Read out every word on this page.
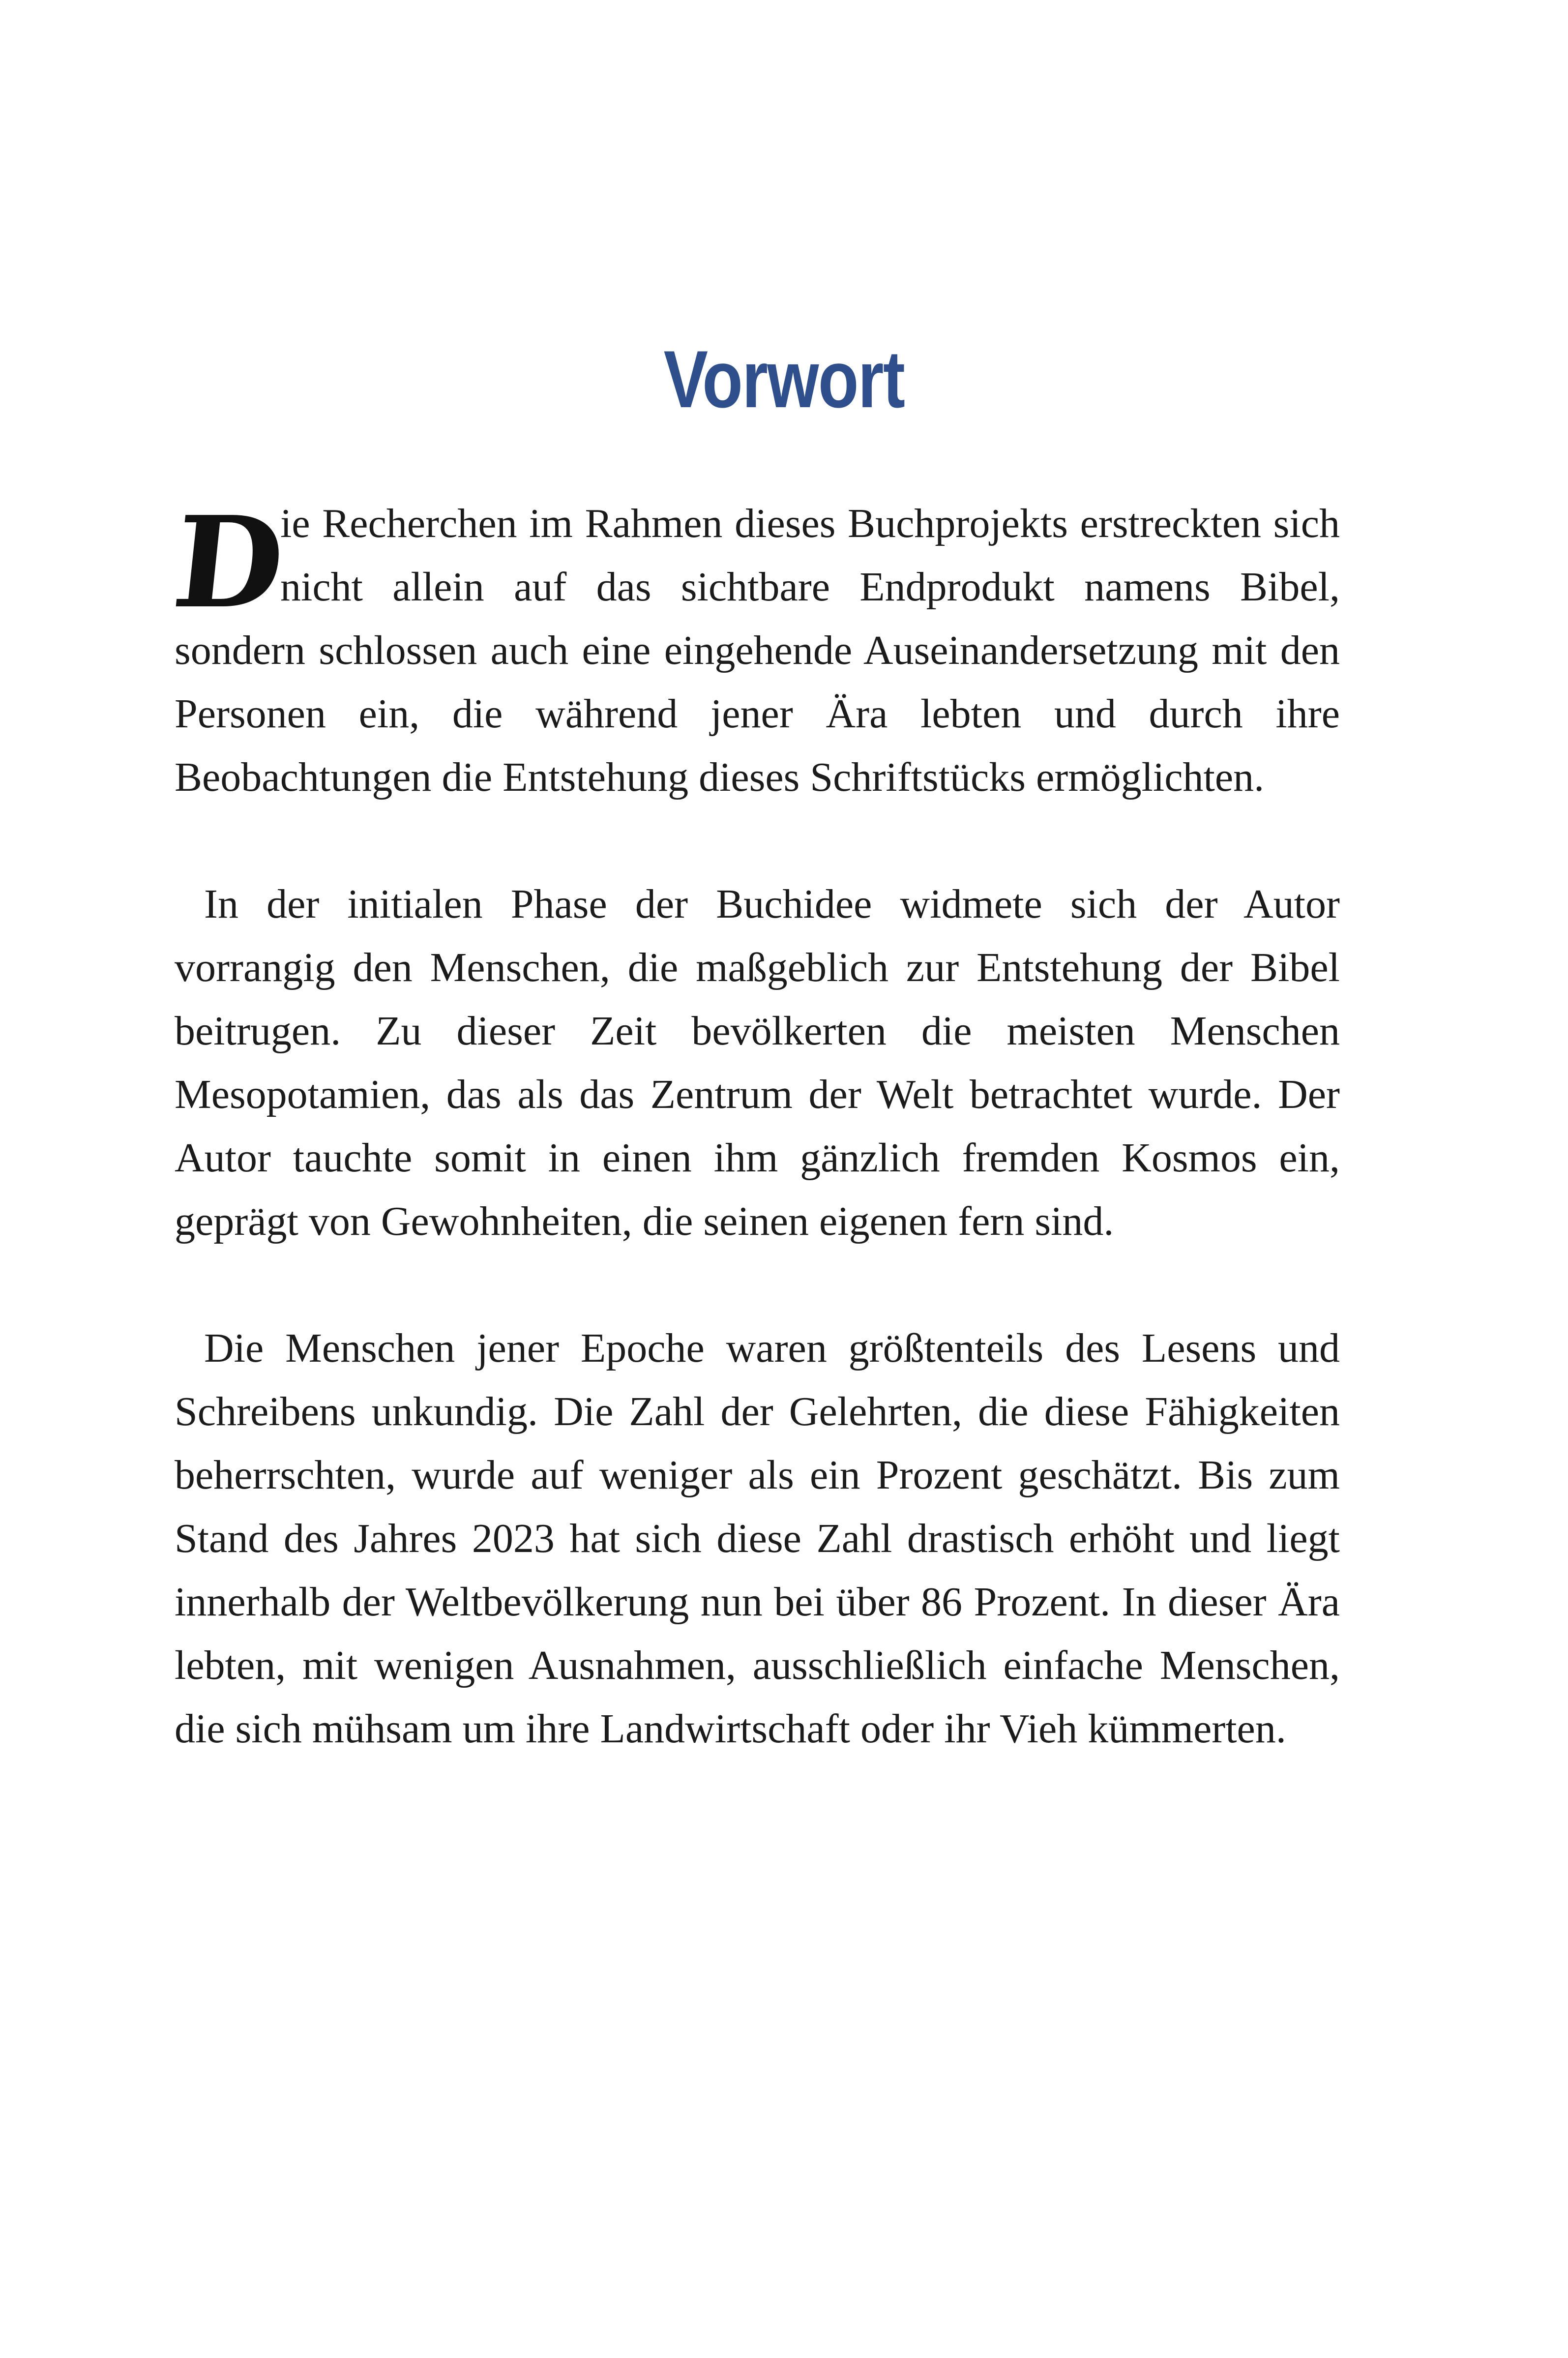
Vorwort

D
ie Recherchen im Rahmen dieses Buchprojekts erstreckten sich nicht allein auf das sichtbare Endprodukt namens Bibel, sondern schlossen auch eine eingehende Auseinandersetzung mit den Personen ein, die während jener Ära lebten und durch ihre Beobachtungen die Entstehung dieses Schriftstücks ermöglichten.

In der initialen Phase der Buchidee widmete sich der Autor vorrangig den Menschen, die maßgeblich zur Entstehung der Bibel beitrugen. Zu dieser Zeit bevölkerten die meisten Menschen Mesopotamien, das als das Zentrum der Welt betrachtet wurde. Der Autor tauchte somit in einen ihm gänzlich fremden Kosmos ein, geprägt von Gewohnheiten, die seinen eigenen fern sind.

Die Menschen jener Epoche waren größtenteils des Lesens und Schreibens unkundig. Die Zahl der Gelehrten, die diese Fähigkeiten beherrschten, wurde auf weniger als ein Prozent geschätzt. Bis zum Stand des Jahres 2023 hat sich diese Zahl drastisch erhöht und liegt innerhalb der Weltbevölkerung nun bei über 86 Prozent. In dieser Ära lebten, mit wenigen Ausnahmen, ausschließlich einfache Menschen, die sich mühsam um ihre Landwirtschaft oder ihr Vieh kümmerten.
